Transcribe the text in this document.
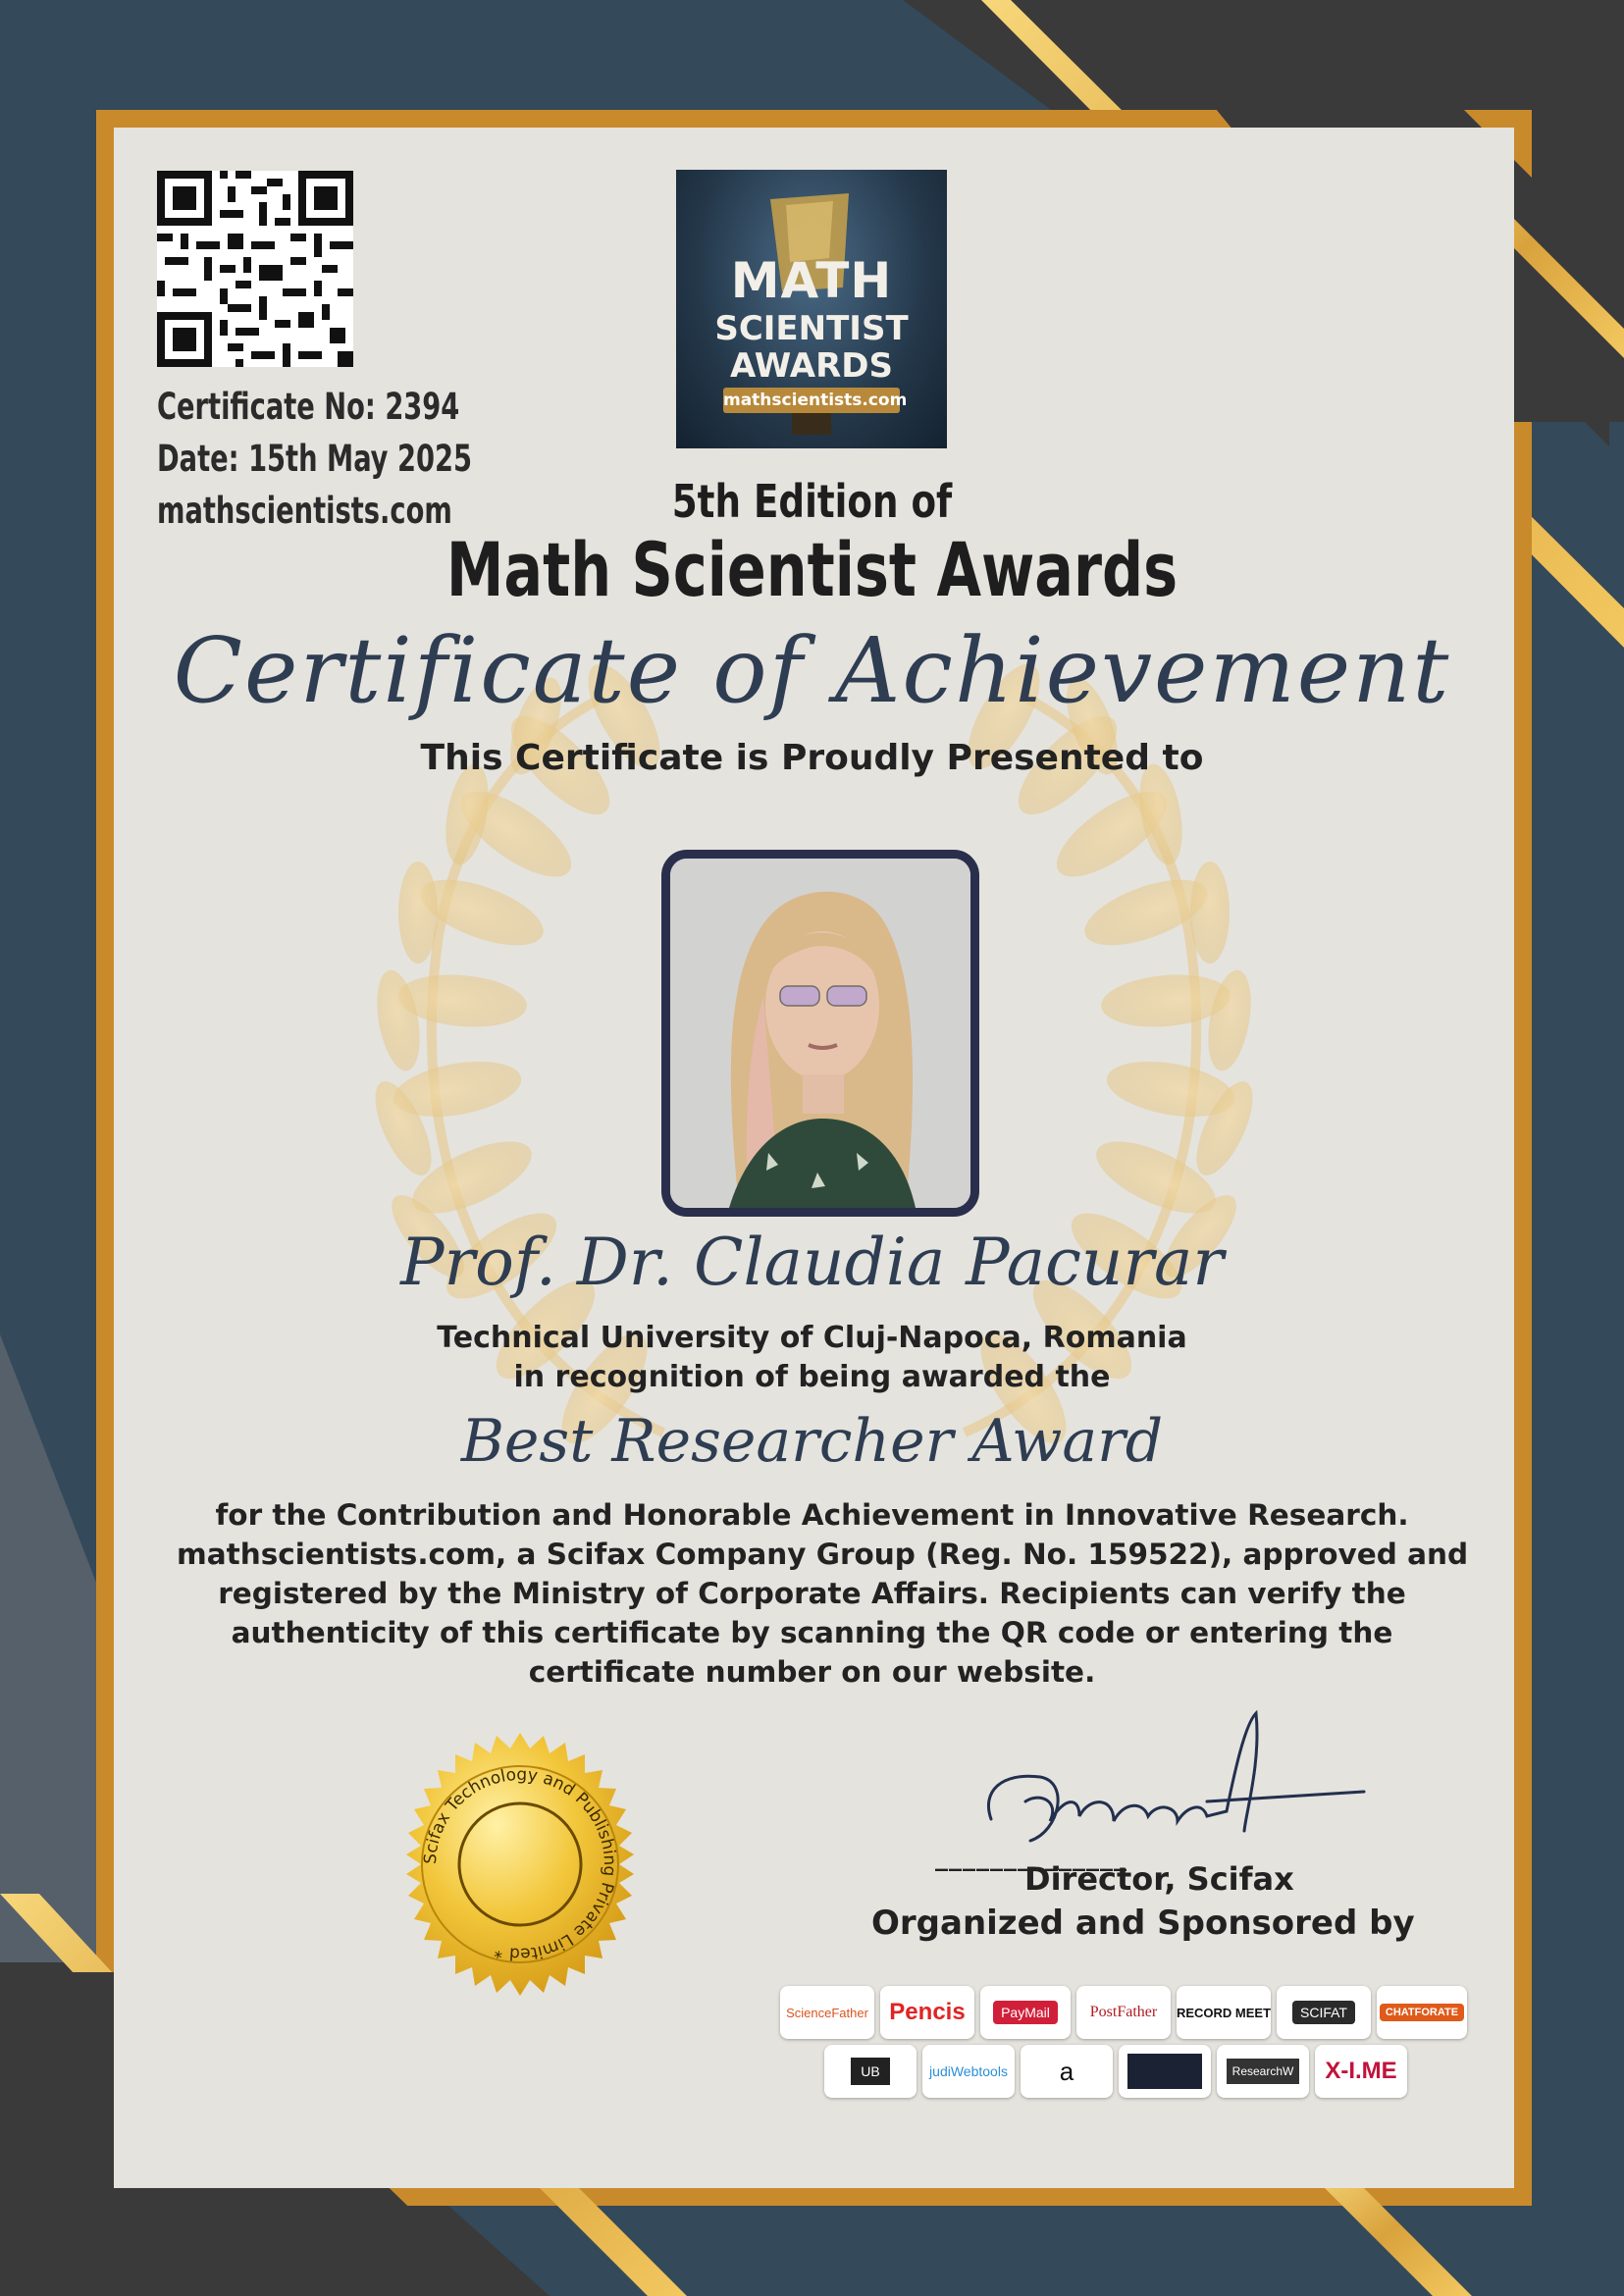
Certificate No: 2394
Date: 15th May 2025
mathscientists.com
MATH
SCIENTIST
AWARDS
mathscientists.com
5th Edition of
Math Scientist Awards
Certificate of Achievement
This Certificate is Proudly Presented to
Prof. Dr. Claudia Pacurar
Technical University of Cluj-Napoca, Romania
in recognition of being awarded the
Best Researcher Award
for the Contribution and Honorable Achievement in Innovative Research.
mathscientists.com, a Scifax Company Group (Reg. No. 159522), approved and
registered by the Ministry of Corporate Affairs. Recipients can verify the
authenticity of this certificate by scanning the QR code or entering the
certificate number on our website.
Scifax Technology and Publishing Private Limited *
______________
Director, Scifax
Organized and Sponsored by
ScienceFather Pencis	PayMail	PostFather RECORD MEET	SCIFAT	CHATFORATE
UB	judiWebtools a	ResearchW X-I.ME
